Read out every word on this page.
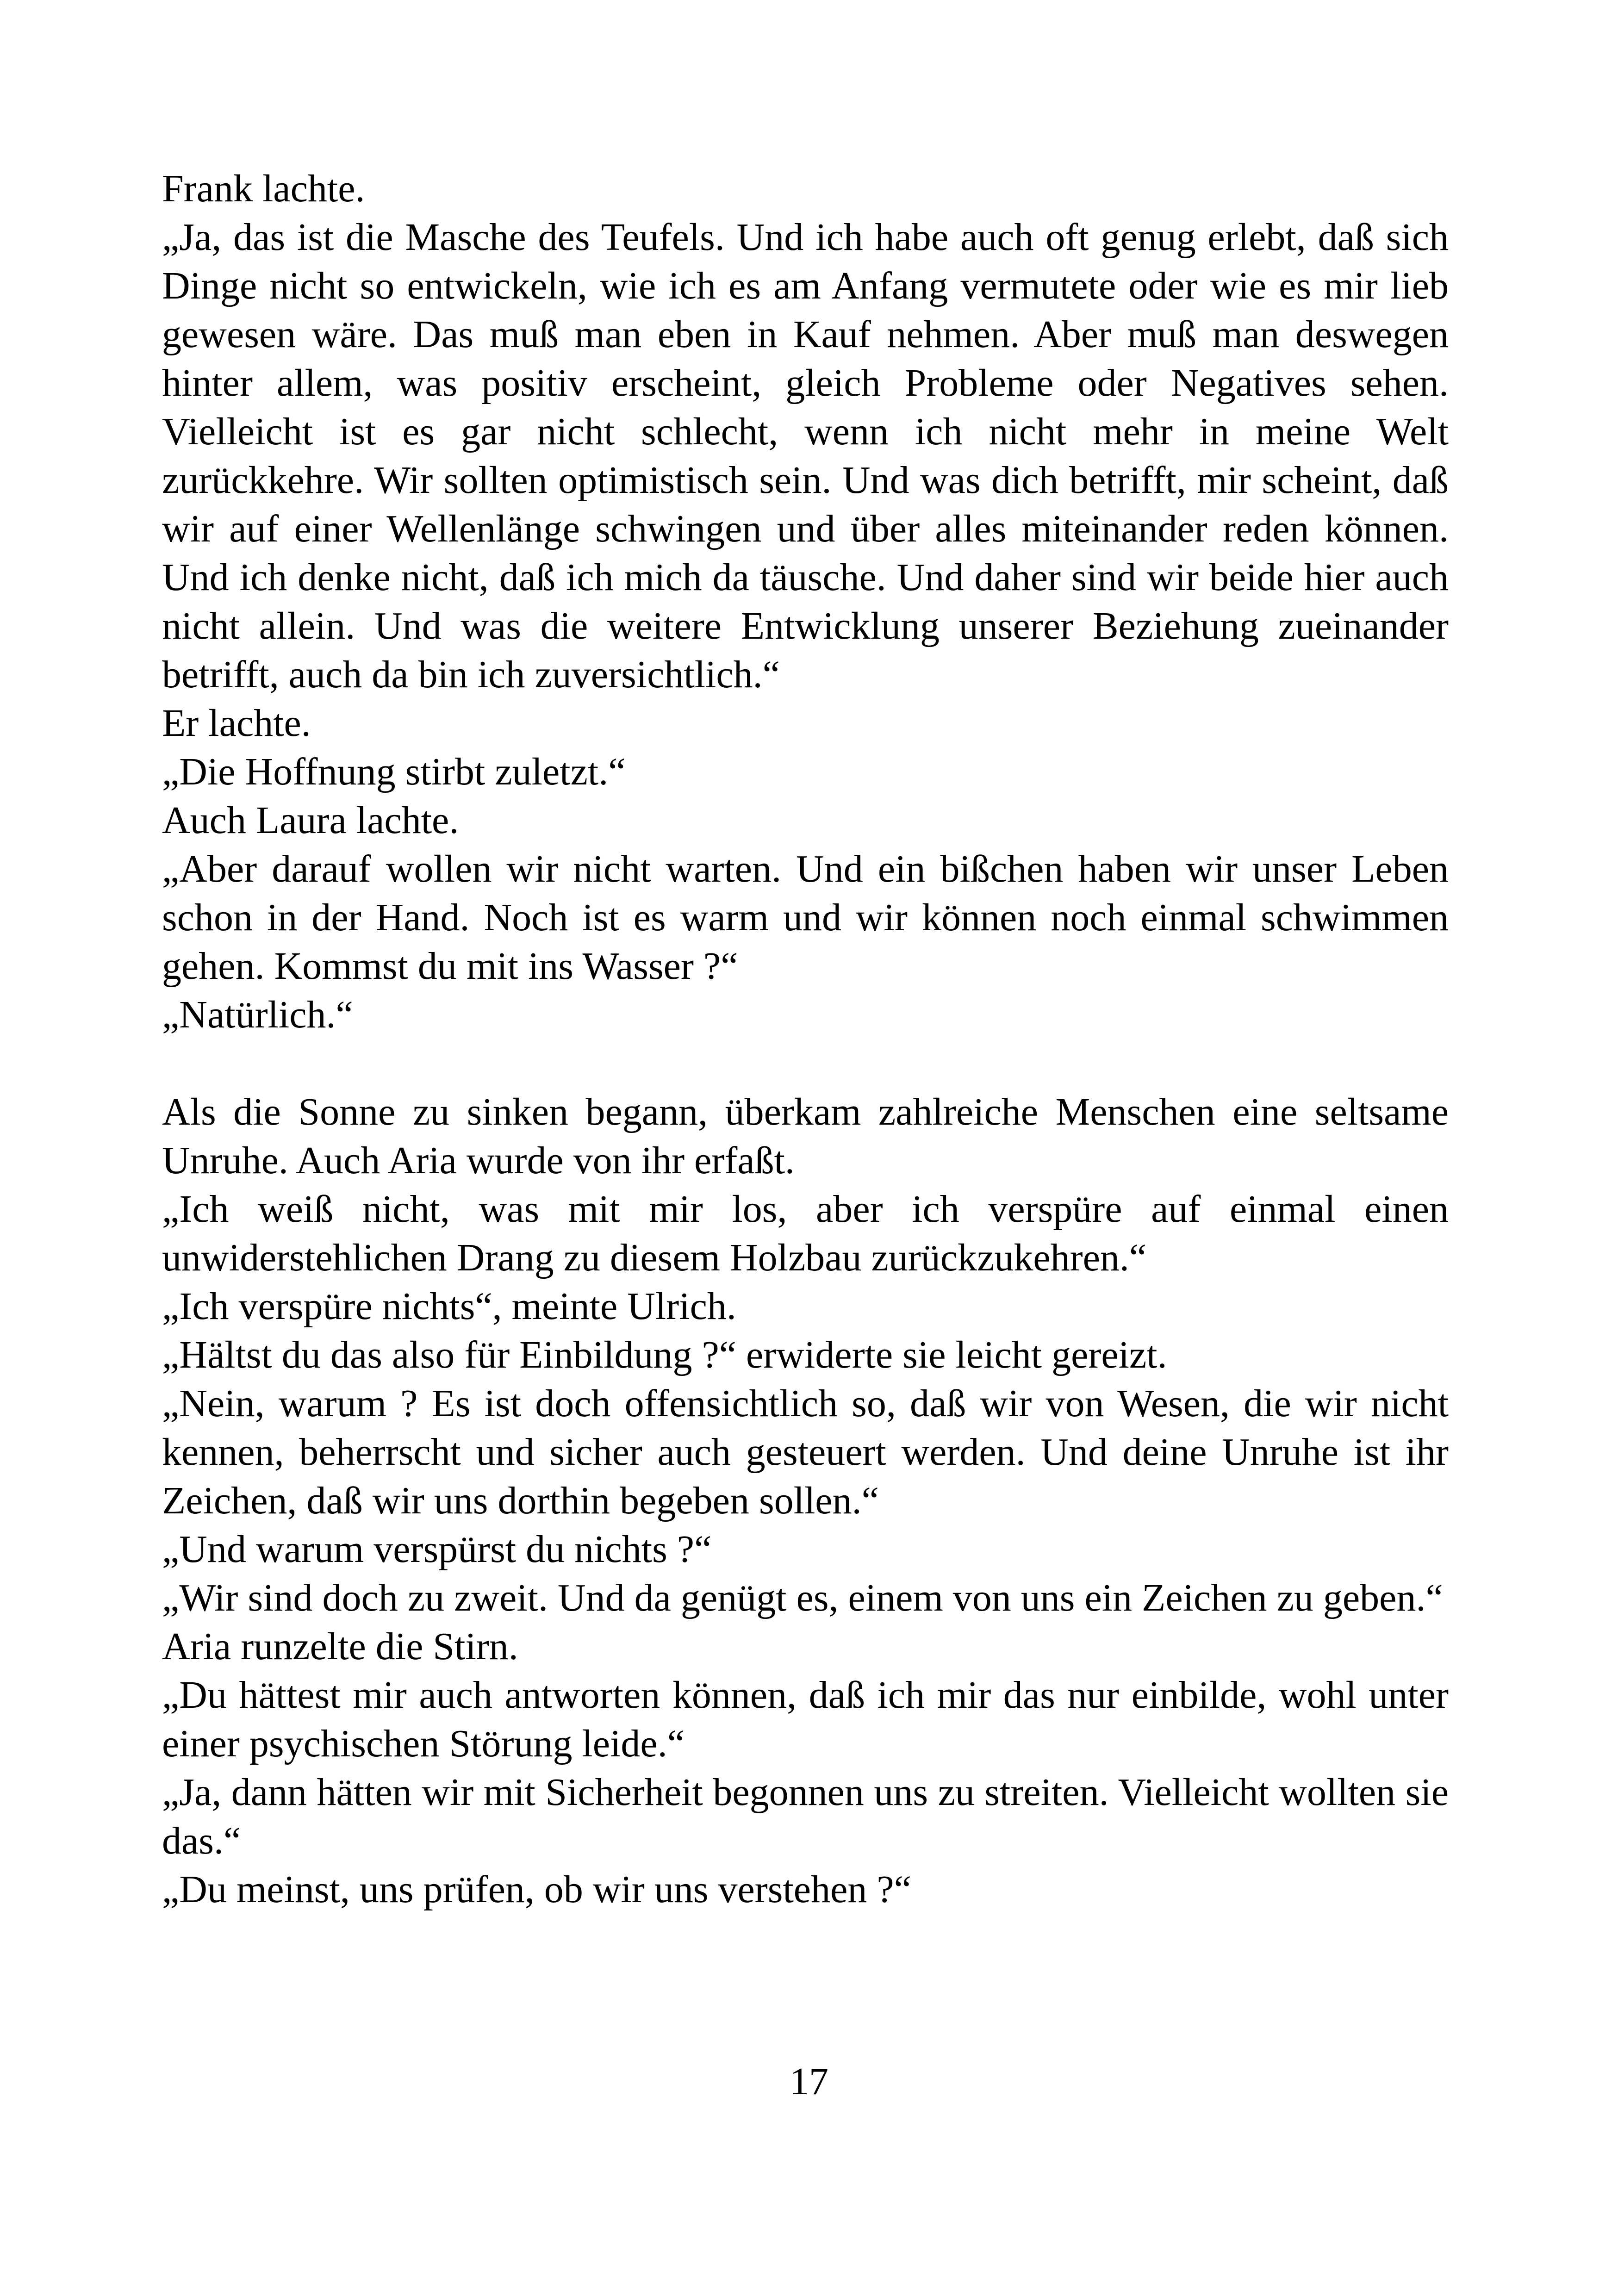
Frank lachte.

„Ja, das ist die Masche des Teufels. Und ich habe auch oft genug erlebt, daß sich Dinge nicht so entwickeln, wie ich es am Anfang vermutete oder wie es mir lieb gewesen wäre. Das muß man eben in Kauf nehmen. Aber muß man deswegen hinter allem, was positiv erscheint, gleich Probleme oder Negatives sehen. Vielleicht ist es gar nicht schlecht, wenn ich nicht mehr in meine Welt zurückkehre. Wir sollten optimistisch sein. Und was dich betrifft, mir scheint, daß wir auf einer Wellenlänge schwingen und über alles miteinander reden können. Und ich denke nicht, daß ich mich da täusche. Und daher sind wir beide hier auch nicht allein. Und was die weitere Entwicklung unserer Beziehung zueinander betrifft, auch da bin ich zuversichtlich.“

Er lachte.

„Die Hoffnung stirbt zuletzt.“

Auch Laura lachte.

„Aber darauf wollen wir nicht warten. Und ein bißchen haben wir unser Leben schon in der Hand. Noch ist es warm und wir können noch einmal schwimmen gehen. Kommst du mit ins Wasser ?“

„Natürlich.“

Als die Sonne zu sinken begann, überkam zahlreiche Menschen eine seltsame Unruhe. Auch Aria wurde von ihr erfaßt.

„Ich weiß nicht, was mit mir los, aber ich verspüre auf einmal einen unwiderstehlichen Drang zu diesem Holzbau zurückzukehren.“

„Ich verspüre nichts“, meinte Ulrich.

„Hältst du das also für Einbildung ?“ erwiderte sie leicht gereizt.

„Nein, warum ? Es ist doch offensichtlich so, daß wir von Wesen, die wir nicht kennen, beherrscht und sicher auch gesteuert werden. Und deine Unruhe ist ihr Zeichen, daß wir uns dorthin begeben sollen.“

„Und warum verspürst du nichts ?“

„Wir sind doch zu zweit. Und da genügt es, einem von uns ein Zeichen zu geben.“

Aria runzelte die Stirn.

„Du hättest mir auch antworten können, daß ich mir das nur einbilde, wohl unter einer psychischen Störung leide.“

„Ja, dann hätten wir mit Sicherheit begonnen uns zu streiten. Vielleicht wollten sie das.“

„Du meinst, uns prüfen, ob wir uns verstehen ?“

17
